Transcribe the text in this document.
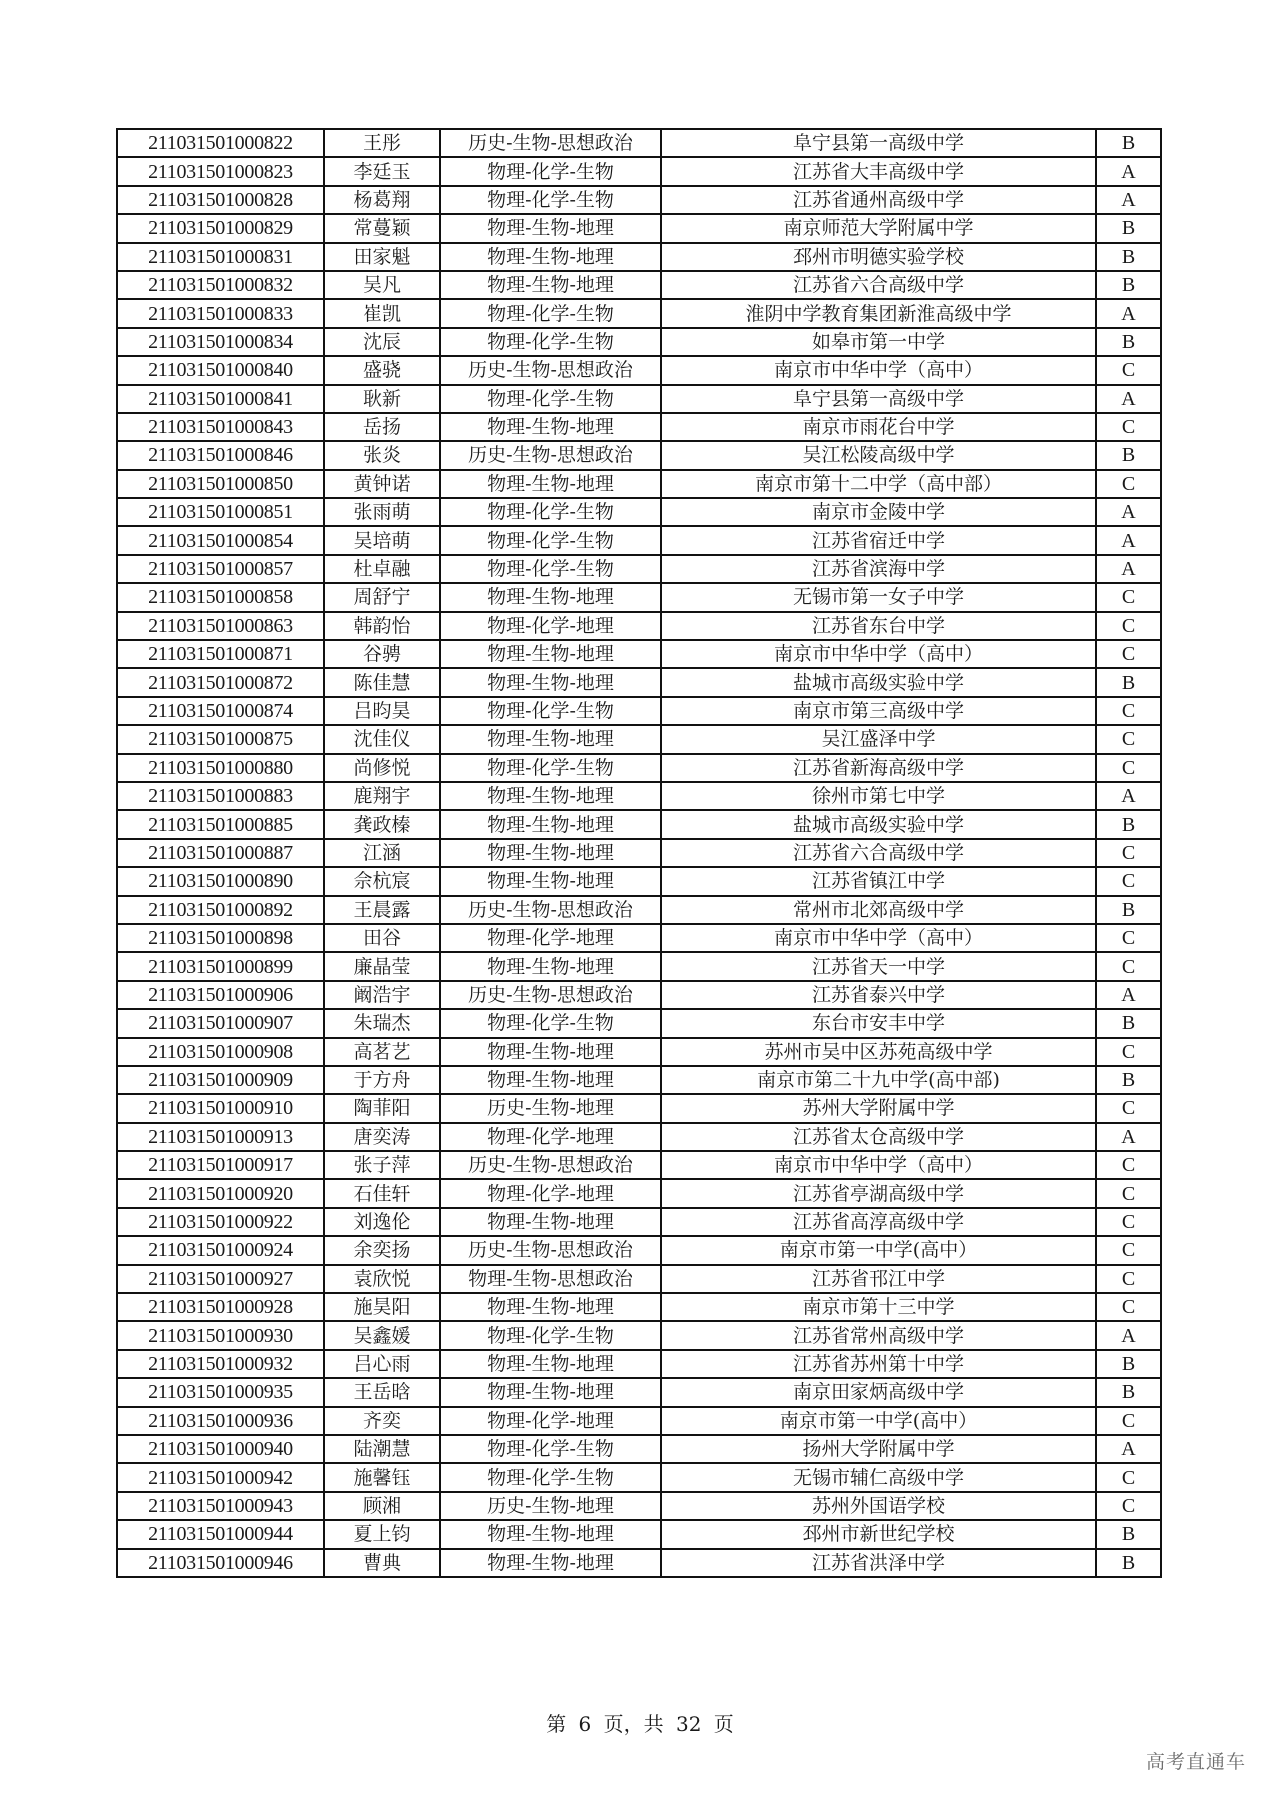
211031501000822	王彤	历史-生物-思想政治	阜宁县第一高级中学	B
211031501000823	李廷玉	物理-化学-生物	江苏省大丰高级中学	A
211031501000828	杨葛翔	物理-化学-生物	江苏省通州高级中学	A
211031501000829	常蔓颖	物理-生物-地理	南京师范大学附属中学	B
211031501000831	田家魁	物理-生物-地理	邳州市明德实验学校	B
211031501000832	吴凡	物理-生物-地理	江苏省六合高级中学	B
211031501000833	崔凯	物理-化学-生物	淮阴中学教育集团新淮高级中学	A
211031501000834	沈辰	物理-化学-生物	如皋市第一中学	B
211031501000840	盛骁	历史-生物-思想政治	南京市中华中学（高中）	C
211031501000841	耿新	物理-化学-生物	阜宁县第一高级中学	A
211031501000843	岳扬	物理-生物-地理	南京市雨花台中学	C
211031501000846	张炎	历史-生物-思想政治	吴江松陵高级中学	B
211031501000850	黄钟诺	物理-生物-地理	南京市第十二中学（高中部）	C
211031501000851	张雨萌	物理-化学-生物	南京市金陵中学	A
211031501000854	吴培萌	物理-化学-生物	江苏省宿迁中学	A
211031501000857	杜卓融	物理-化学-生物	江苏省滨海中学	A
211031501000858	周舒宁	物理-生物-地理	无锡市第一女子中学	C
211031501000863	韩韵怡	物理-化学-地理	江苏省东台中学	C
211031501000871	谷骋	物理-生物-地理	南京市中华中学（高中）	C
211031501000872	陈佳慧	物理-生物-地理	盐城市高级实验中学	B
211031501000874	吕昀昊	物理-化学-生物	南京市第三高级中学	C
211031501000875	沈佳仪	物理-生物-地理	吴江盛泽中学	C
211031501000880	尚修悦	物理-化学-生物	江苏省新海高级中学	C
211031501000883	鹿翔宇	物理-生物-地理	徐州市第七中学	A
211031501000885	龚政榛	物理-生物-地理	盐城市高级实验中学	B
211031501000887	江涵	物理-生物-地理	江苏省六合高级中学	C
211031501000890	佘杭宸	物理-生物-地理	江苏省镇江中学	C
211031501000892	王晨露	历史-生物-思想政治	常州市北郊高级中学	B
211031501000898	田谷	物理-化学-地理	南京市中华中学（高中）	C
211031501000899	廉晶莹	物理-生物-地理	江苏省天一中学	C
211031501000906	阚浩宇	历史-生物-思想政治	江苏省泰兴中学	A
211031501000907	朱瑞杰	物理-化学-生物	东台市安丰中学	B
211031501000908	高茗艺	物理-生物-地理	苏州市吴中区苏苑高级中学	C
211031501000909	于方舟	物理-生物-地理	南京市第二十九中学(高中部)	B
211031501000910	陶菲阳	历史-生物-地理	苏州大学附属中学	C
211031501000913	唐奕涛	物理-化学-地理	江苏省太仓高级中学	A
211031501000917	张子萍	历史-生物-思想政治	南京市中华中学（高中）	C
211031501000920	石佳轩	物理-化学-地理	江苏省亭湖高级中学	C
211031501000922	刘逸伦	物理-生物-地理	江苏省高淳高级中学	C
211031501000924	余奕扬	历史-生物-思想政治	南京市第一中学(高中）	C
211031501000927	袁欣悦	物理-生物-思想政治	江苏省邗江中学	C
211031501000928	施昊阳	物理-生物-地理	南京市第十三中学	C
211031501000930	吴鑫媛	物理-化学-生物	江苏省常州高级中学	A
211031501000932	吕心雨	物理-生物-地理	江苏省苏州第十中学	B
211031501000935	王岳晗	物理-生物-地理	南京田家炳高级中学	B
211031501000936	齐奕	物理-化学-地理	南京市第一中学(高中）	C
211031501000940	陆潮慧	物理-化学-生物	扬州大学附属中学	A
211031501000942	施馨钰	物理-化学-生物	无锡市辅仁高级中学	C
211031501000943	顾湘	历史-生物-地理	苏州外国语学校	C
211031501000944	夏上钧	物理-生物-地理	邳州市新世纪学校	B
211031501000946	曹典	物理-生物-地理	江苏省洪泽中学	B
第 6 页，共 32 页
高考直通车
